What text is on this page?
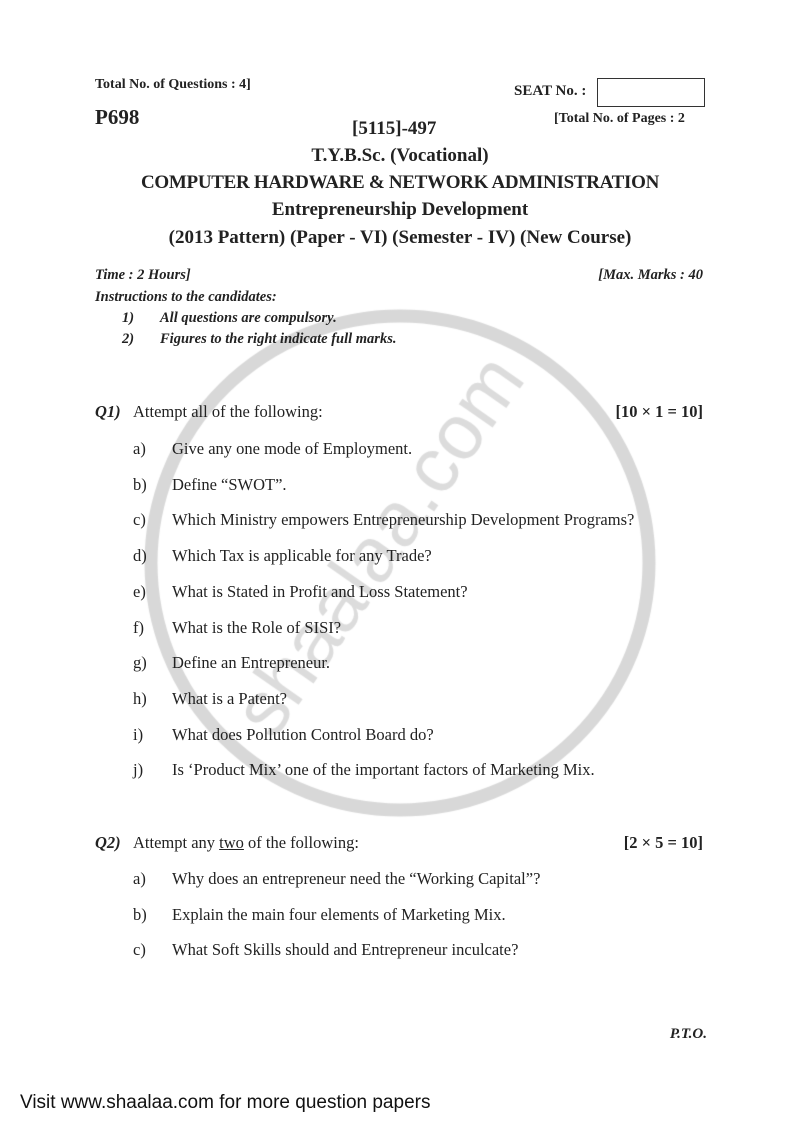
Total No. of Questions : 4]	SEAT No. :
P698	[Total No. of Pages : 2
[5115]-497
T.Y.B.Sc. (Vocational)
COMPUTER HARDWARE & NETWORK ADMINISTRATION
Entrepreneurship Development
(2013 Pattern) (Paper - VI) (Semester - IV) (New Course)
Time : 2 Hours]	[Max. Marks : 40
Instructions to the candidates:
1) All questions are compulsory.
2) Figures to the right indicate full marks.
Q1) Attempt all of the following:	[10 × 1 = 10]
a) Give any one mode of Employment.
b) Define “SWOT”.
c) Which Ministry empowers Entrepreneurship Development Programs?
d) Which Tax is applicable for any Trade?
e) What is Stated in Profit and Loss Statement?
f) What is the Role of SISI?
g) Define an Entrepreneur.
h) What is a Patent?
i) What does Pollution Control Board do?
j) Is ‘Product Mix’ one of the important factors of Marketing Mix.
Q2) Attempt any two of the following:	[2 × 5 = 10]
a) Why does an entrepreneur need the “Working Capital”?
b) Explain the main four elements of Marketing Mix.
c) What Soft Skills should and Entrepreneur inculcate?
P.T.O.
Visit www.shaalaa.com for more question papers
